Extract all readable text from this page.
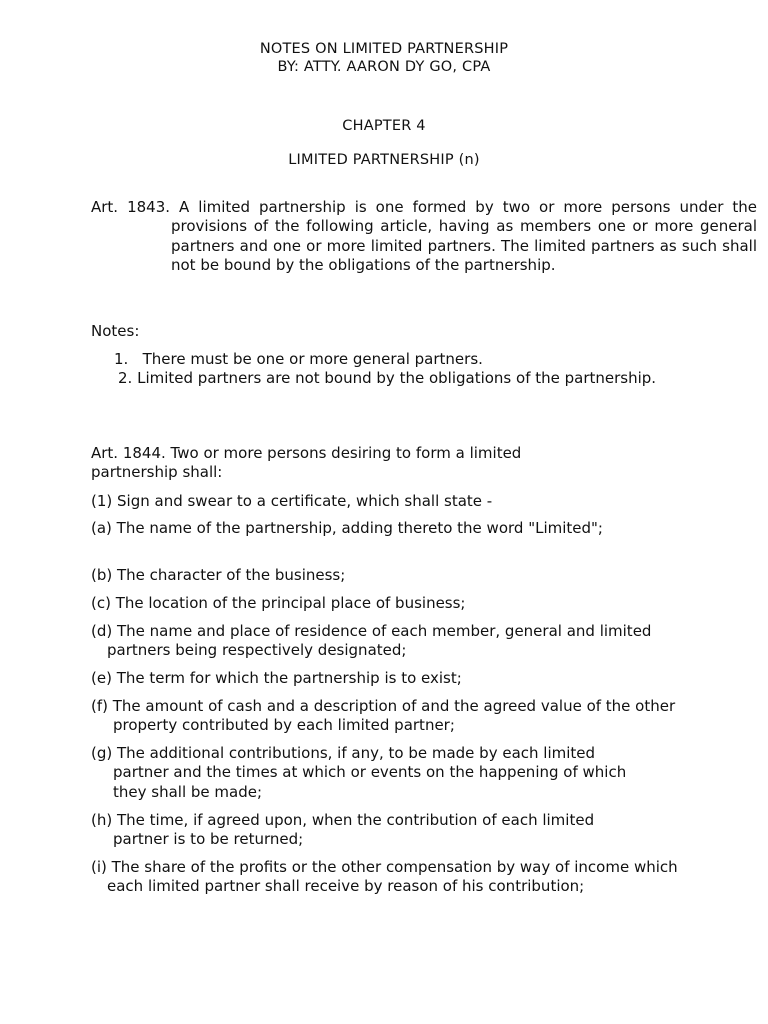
NOTES ON LIMITED PARTNERSHIP
BY: ATTY. AARON DY GO, CPA
CHAPTER 4
LIMITED PARTNERSHIP (n)
Art. 1843. A limited partnership is one formed by two or more persons under the provisions of the following article, having as members one or more general partners and one or more limited partners. The limited partners as such shall not be bound by the obligations of the partnership.
Notes:
1. There must be one or more general partners.
2. Limited partners are not bound by the obligations of the partnership.
Art. 1844. Two or more persons desiring to form a limited partnership shall:
(1) Sign and swear to a certificate, which shall state -
(a) The name of the partnership, adding thereto the word "Limited";
(b) The character of the business;
(c) The location of the principal place of business;
(d) The name and place of residence of each member, general and limited partners being respectively designated;
(e) The term for which the partnership is to exist;
(f) The amount of cash and a description of and the agreed value of the other property contributed by each limited partner;
(g) The additional contributions, if any, to be made by each limited partner and the times at which or events on the happening of which they shall be made;
(h) The time, if agreed upon, when the contribution of each limited partner is to be returned;
(i) The share of the profits or the other compensation by way of income which each limited partner shall receive by reason of his contribution;
